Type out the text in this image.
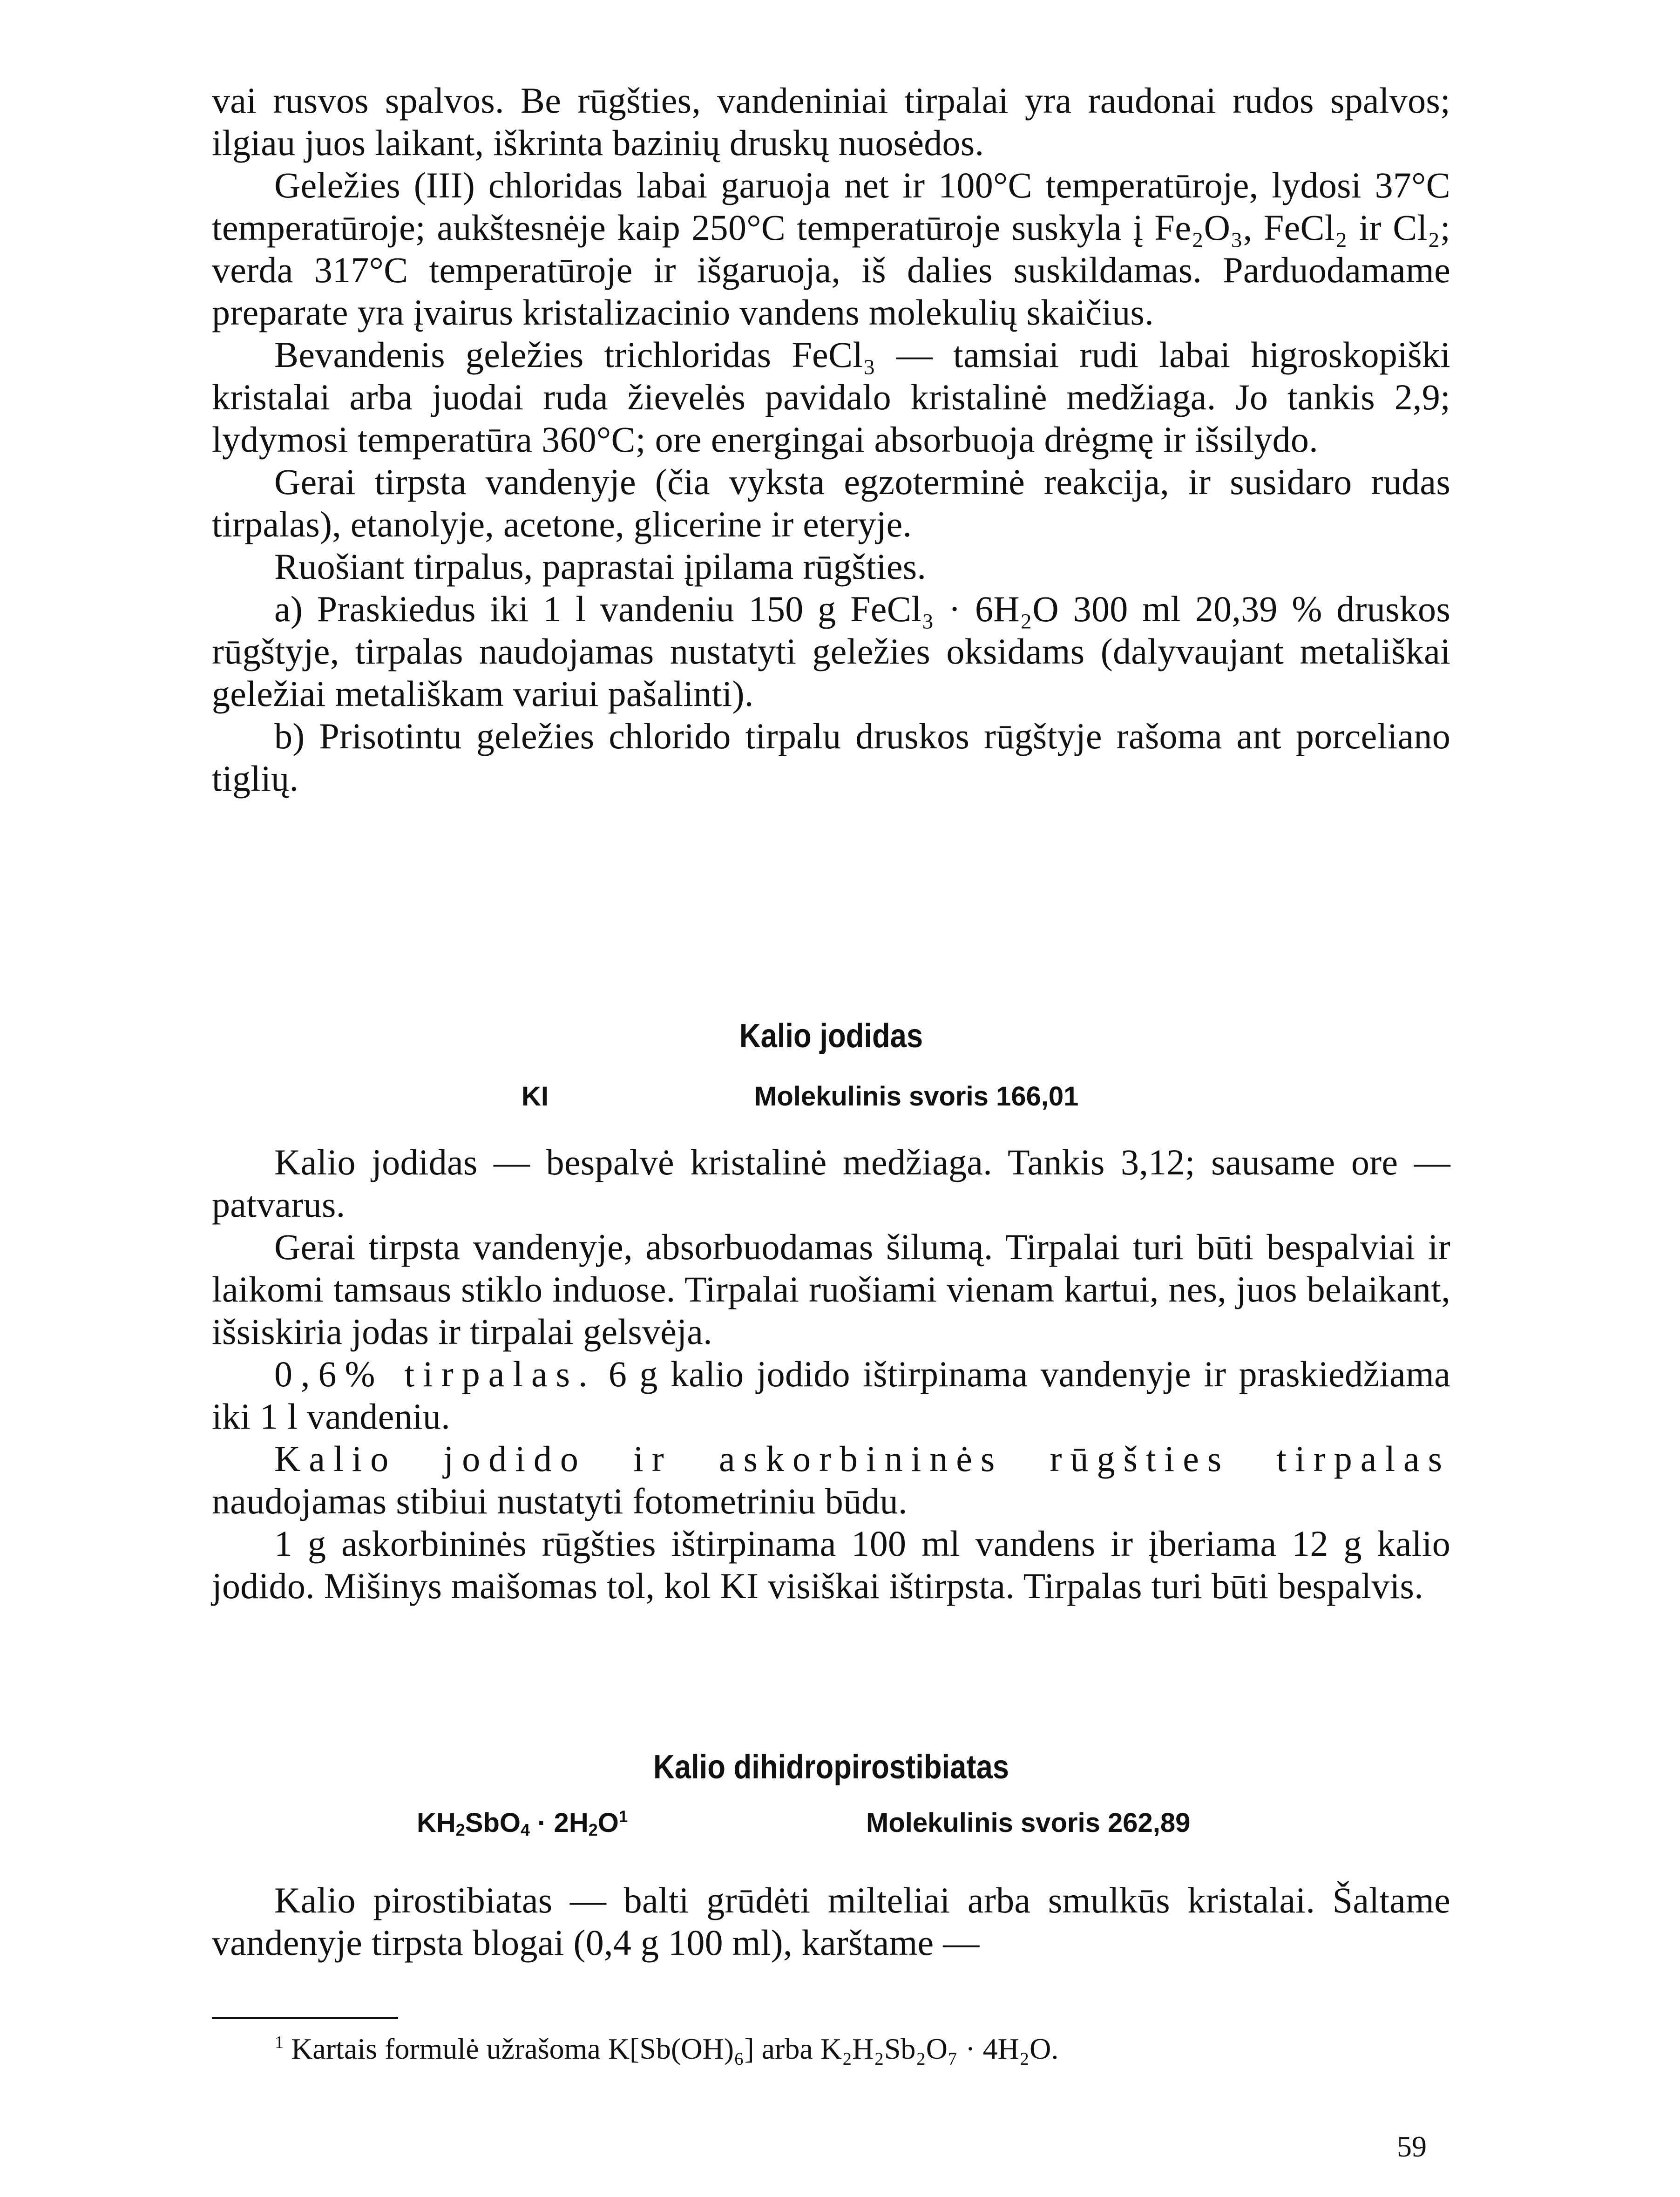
vai rusvos spalvos. Be rūgšties, vandeniniai tirpalai yra raudonai rudos spalvos; ilgiau juos laikant, iškrinta bazinių druskų nuosėdos.

Geležies (III) chloridas labai garuoja net ir 100°C temperatūroje, lydosi 37°C temperatūroje; aukštesnėje kaip 250°C temperatūroje suskyla į Fe₂O₃, FeCl₂ ir Cl₂; verda 317°C temperatūroje ir išgaruoja, iš dalies suskildamas. Parduodamame preparate yra įvairus kristalizacinio vandens molekulių skaičius.

Bevandenis geležies trichloridas FeCl₃ — tamsiai rudi labai higroskopiški kristalai arba juodai ruda žievelės pavidalo kristalinė medžiaga. Jo tankis 2,9; lydymosi temperatūra 360°C; ore energingai absorbuoja drėgmę ir išsilydo.

Gerai tirpsta vandenyje (čia vyksta egzoterminė reakcija, ir susidaro rudas tirpalas), etanolyje, acetone, glicerine ir eteryje.

Ruošiant tirpalus, paprastai įpilama rūgšties.

a) Praskiedus iki 1 l vandeniu 150 g FeCl₃ · 6H₂O 300 ml 20,39 % druskos rūgštyje, tirpalas naudojamas nustatyti geležies oksidams (dalyvaujant metališkai geležiai metališkam variui pašalinti).

b) Prisotintu geležies chlorido tirpalu druskos rūgštyje rašoma ant porceliano tiglių.

Kalio jodidas
KI	Molekulinis svoris 166,01

Kalio jodidas — bespalvė kristalinė medžiaga. Tankis 3,12; sausame ore — patvarus.

Gerai tirpsta vandenyje, absorbuodamas šilumą. Tirpalai turi būti bespalviai ir laikomi tamsaus stiklo induose. Tirpalai ruošiami vienam kartui, nes, juos belaikant, išsiskiria jodas ir tirpalai gelsvėja.

0,6% tirpalas. 6 g kalio jodido ištirpinama vandenyje ir praskiedžiama iki 1 l vandeniu.

Kalio jodido ir askorbininės rūgšties tirpalas naudojamas stibiui nustatyti fotometriniu būdu.

1 g askorbininės rūgšties ištirpinama 100 ml vandens ir įberiama 12 g kalio jodido. Mišinys maišomas tol, kol KI visiškai ištirpsta. Tirpalas turi būti bespalvis.

Kalio dihidropirostibiatas
$KH_2SbO_4 \cdot 2H_2O^1$	Molekulinis svoris 262,89

Kalio pirostibiatas — balti grūdėti milteliai arba smulkūs kristalai. Šaltame vandenyje tirpsta blogai (0,4 g 100 ml), karštame —

$^1$ Kartais formulė užrašoma K[Sb(OH)₆] arba K₂H₂Sb₂O₇ · 4H₂O.
59
